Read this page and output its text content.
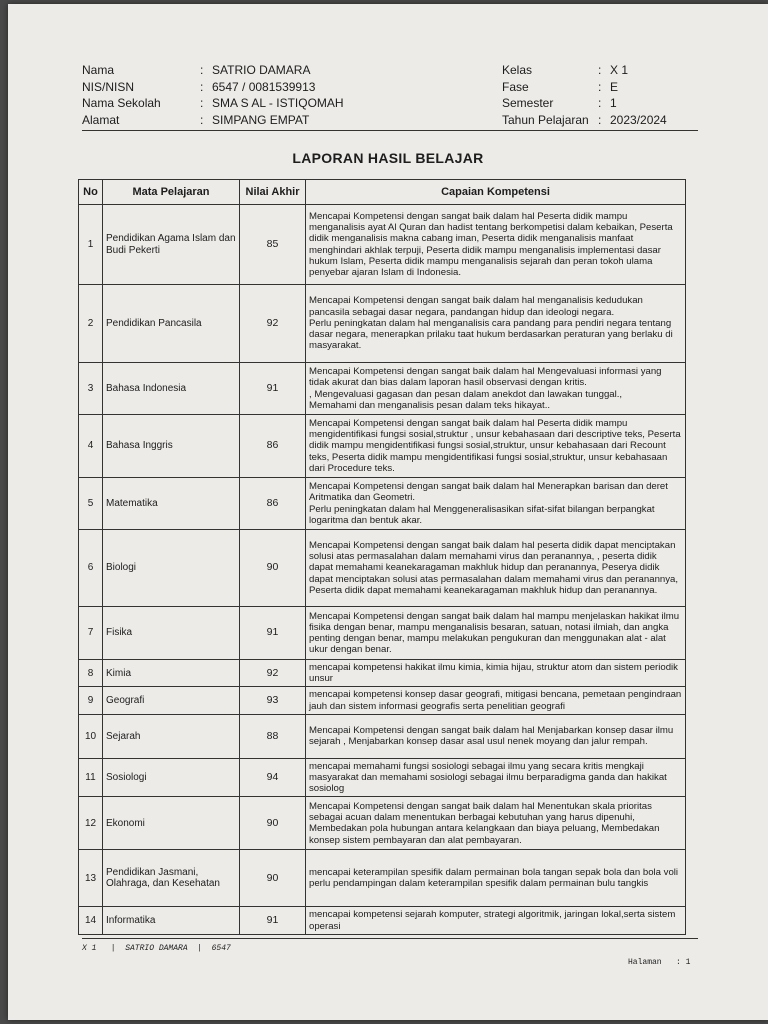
Nama	: SATRIO DAMARA
NIS/NISN	: 6547 / 0081539913
Nama Sekolah	: SMA S AL - ISTIQOMAH
Alamat	: SIMPANG EMPAT
Kelas	: X 1
Fase	: E
Semester	: 1
Tahun Pelajaran : 2023/2024
LAPORAN HASIL BELAJAR
No	Mata Pelajaran	Nilai Akhir	Capaian Kompetensi
1	Pendidikan Agama Islam dan Budi Pekerti	85	Mencapai Kompetensi dengan sangat baik dalam hal Peserta didik mampu menganalisis ayat Al Quran dan hadist tentang berkompetisi dalam kebaikan, Peserta didik menganalisis makna cabang iman, Peserta didik menganalisis manfaat menghindari akhlak terpuji, Peserta didik mampu menganalisis implementasi dasar hukum Islam, Peserta didik mampu menganalisis sejarah dan peran tokoh ulama penyebar ajaran Islam di Indonesia.
2	Pendidikan Pancasila	92	Mencapai Kompetensi dengan sangat baik dalam hal menganalisis kedudukan pancasila sebagai dasar negara, pandangan hidup dan ideologi negara.
Perlu peningkatan dalam hal menganalisis cara pandang para pendiri negara tentang dasar negara, menerapkan prilaku taat hukum berdasarkan peraturan yang berlaku di masyarakat.
3	Bahasa Indonesia	91	Mencapai Kompetensi dengan sangat baik dalam hal Mengevaluasi informasi yang tidak akurat dan bias dalam laporan hasil observasi dengan kritis.
, Mengevaluasi gagasan dan pesan dalam anekdot dan lawakan tunggal.,
Memahami dan menganalisis pesan dalam teks hikayat..
4	Bahasa Inggris	86	Mencapai Kompetensi dengan sangat baik dalam hal Peserta didik mampu mengidentifikasi fungsi sosial,struktur , unsur kebahasaan dari descriptive teks, Peserta didik mampu mengidentifikasi fungsi sosial,struktur, unsur kebahasaan dari Recount teks, Peserta didik mampu mengidentifikasi fungsi sosial,struktur, unsur kebahasaan dari Procedure teks.
5	Matematika	86	Mencapai Kompetensi dengan sangat baik dalam hal Menerapkan barisan dan deret Aritmatika dan Geometri.
Perlu peningkatan dalam hal Menggeneralisasikan sifat-sifat bilangan berpangkat logaritma dan bentuk akar.
6	Biologi	90	Mencapai Kompetensi dengan sangat baik dalam hal peserta didik dapat menciptakan solusi atas permasalahan dalam memahami virus dan peranannya, , peserta didik dapat memahami keanekaragaman makhluk hidup dan peranannya, Peserya didik dapat menciptakan solusi atas permasalahan dalam memahami virus dan peranannya, Peserta didik dapat memahami keanekaragaman makhluk hidup dan peranannya.
7	Fisika	91	Mencapai Kompetensi dengan sangat baik dalam hal mampu menjelaskan hakikat ilmu fisika dengan benar, mampu menganalisis besaran, satuan, notasi ilmiah, dan angka penting dengan benar, mampu melakukan pengukuran dan menggunakan alat - alat ukur dengan benar.
8	Kimia	92	mencapai kompetensi hakikat ilmu kimia, kimia hijau, struktur atom dan sistem periodik unsur
9	Geografi	93	mencapai kompetensi konsep dasar geografi, mitigasi bencana, pemetaan pengindraan jauh dan sistem informasi geografis serta penelitian geografi
10	Sejarah	88	Mencapai Kompetensi dengan sangat baik dalam hal Menjabarkan konsep dasar ilmu sejarah , Menjabarkan konsep dasar asal usul nenek moyang dan jalur rempah.
11	Sosiologi	94	mencapai memahami fungsi sosiologi sebagai ilmu yang secara kritis mengkaji masyarakat dan memahami sosiologi sebagai ilmu berparadigma ganda dan hakikat sosiolog
12	Ekonomi	90	Mencapai Kompetensi dengan sangat baik dalam hal Menentukan skala prioritas sebagai acuan dalam menentukan berbagai kebutuhan yang harus dipenuhi, Membedakan pola hubungan antara kelangkaan dan biaya peluang, Membedakan konsep sistem pembayaran dan alat pembayaran.
13	Pendidikan Jasmani, Olahraga, dan Kesehatan	90	mencapai keterampilan spesifik dalam permainan bola tangan sepak bola dan bola voli
perlu pendampingan dalam keterampilan spesifik dalam permainan bulu tangkis
14	Informatika	91	mencapai kompetensi sejarah komputer, strategi algoritmik, jaringan lokal,serta sistem operasi
X 1   |  SATRIO DAMARA  |  6547
Halaman : 1
